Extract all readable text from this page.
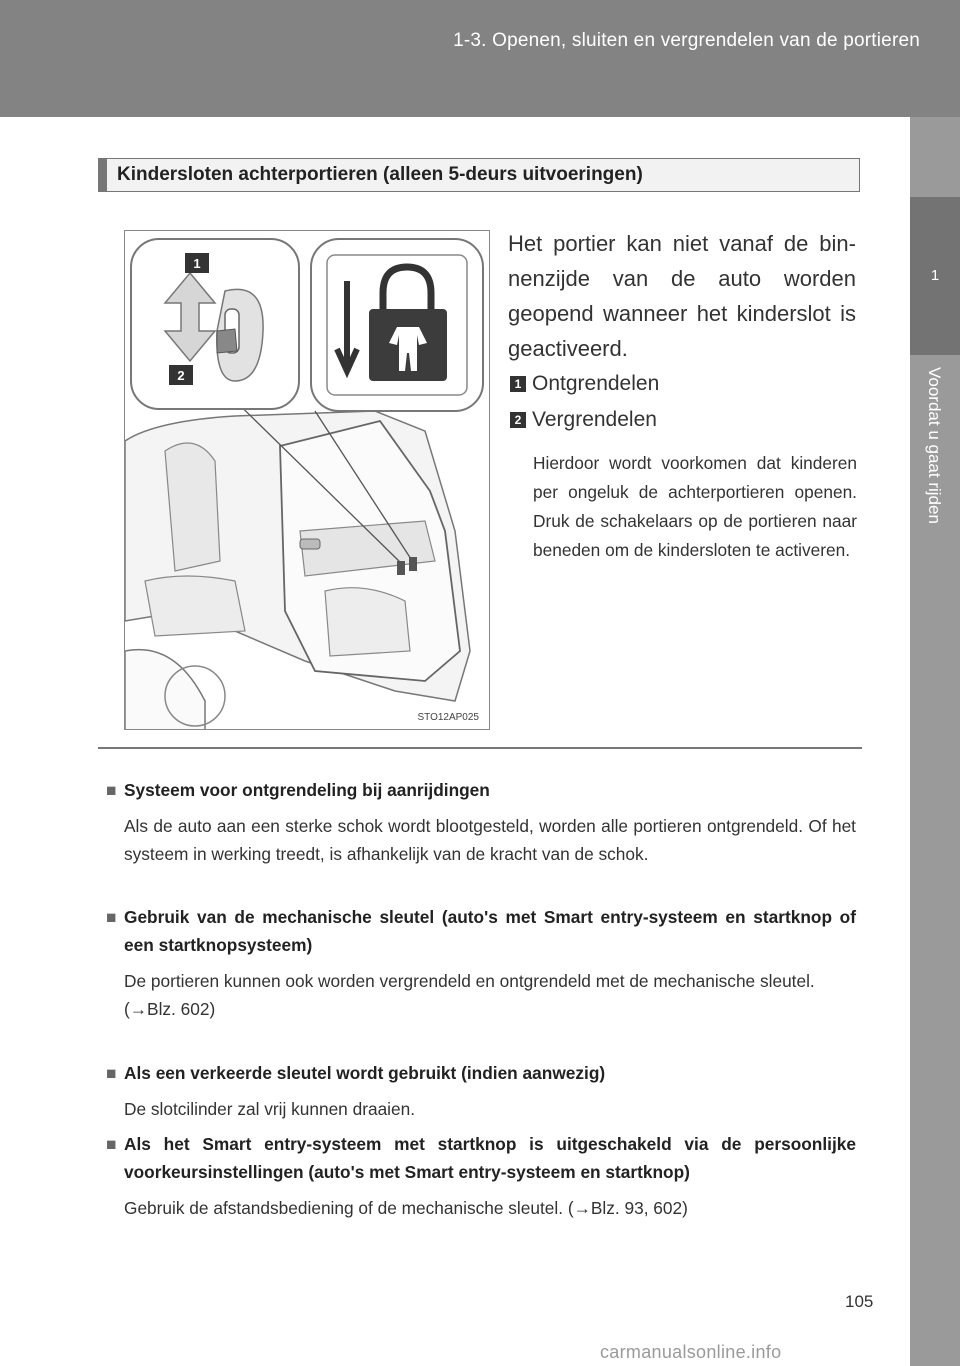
1-3. Openen, sluiten en vergrendelen van de portieren
1
Voordat u gaat rijden
Kindersloten achterportieren (alleen 5-deurs uitvoeringen)
1
2
STO12AP025
Het portier kan niet vanaf de binnenzijde van de auto worden geopend wanneer het kinderslot is geactiveerd.
1 Ontgrendelen
2 Vergrendelen
Hierdoor wordt voorkomen dat kinderen per ongeluk de achterportieren openen. Druk de schakelaars op de portieren naar beneden om de kindersloten te activeren.
■ Systeem voor ontgrendeling bij aanrijdingen
Als de auto aan een sterke schok wordt blootgesteld, worden alle portieren ontgrendeld. Of het systeem in werking treedt, is afhankelijk van de kracht van de schok.
■ Gebruik van de mechanische sleutel (auto's met Smart entry-systeem en startknop of een startknopsysteem)
De portieren kunnen ook worden vergrendeld en ontgrendeld met de mechanische sleutel.
(→Blz. 602)
■ Als een verkeerde sleutel wordt gebruikt (indien aanwezig)
De slotcilinder zal vrij kunnen draaien.
■ Als het Smart entry-systeem met startknop is uitgeschakeld via de persoonlijke voorkeursinstellingen (auto's met Smart entry-systeem en startknop)
Gebruik de afstandsbediening of de mechanische sleutel. (→Blz. 93, 602)
105
carmanualsonline.info
